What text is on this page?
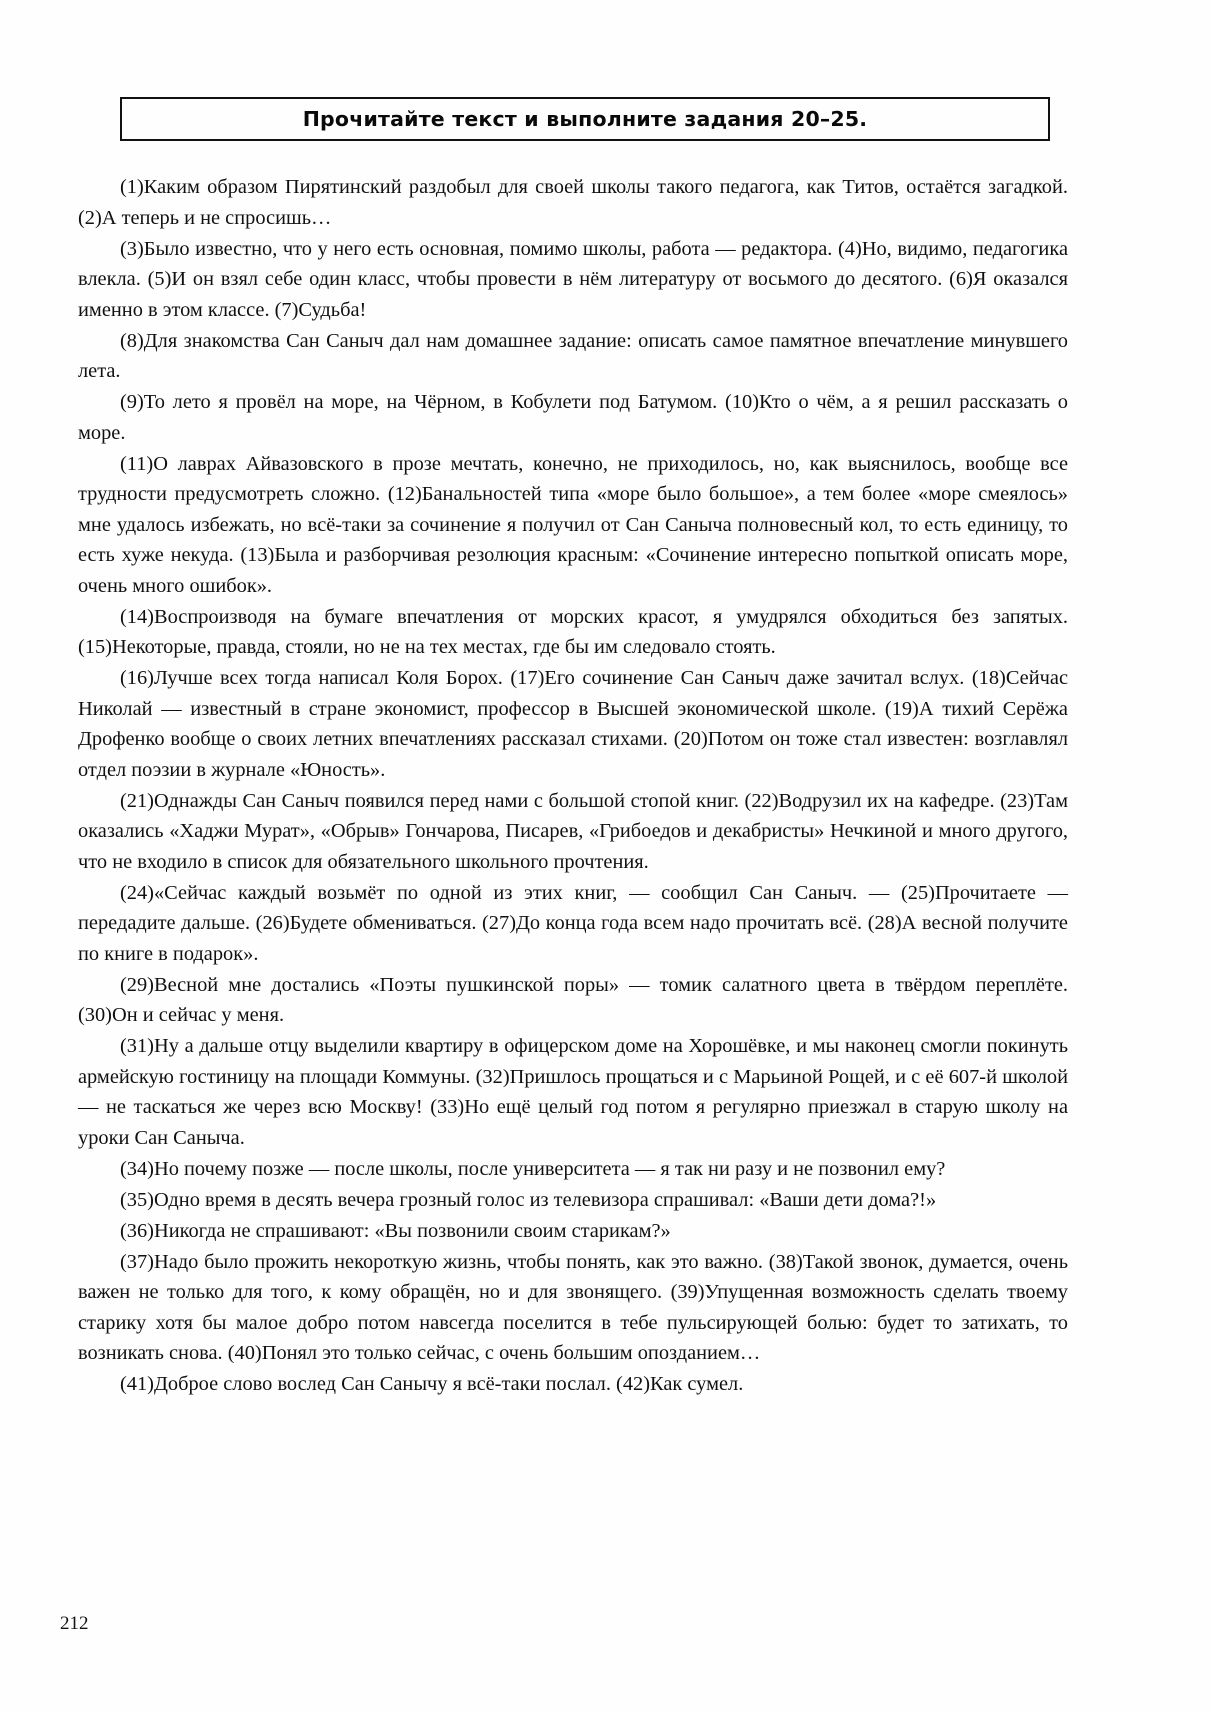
Прочитайте текст и выполните задания 20–25.

(1)Каким образом Пирятинский раздобыл для своей школы такого педагога, как Титов, остаётся загадкой. (2)А теперь и не спросишь…

(3)Было известно, что у него есть основная, помимо школы, работа — редактора. (4)Но, видимо, педагогика влекла. (5)И он взял себе один класс, чтобы провести в нём литературу от восьмого до десятого. (6)Я оказался именно в этом классе. (7)Судьба!

(8)Для знакомства Сан Саныч дал нам домашнее задание: описать самое памятное впечатление минувшего лета.

(9)То лето я провёл на море, на Чёрном, в Кобулети под Батумом. (10)Кто о чём, а я решил рассказать о море.

(11)О лаврах Айвазовского в прозе мечтать, конечно, не приходилось, но, как выяснилось, вообще все трудности предусмотреть сложно. (12)Банальностей типа «море было большое», а тем более «море смеялось» мне удалось избежать, но всё-таки за сочинение я получил от Сан Саныча полновесный кол, то есть единицу, то есть хуже некуда. (13)Была и разборчивая резолюция красным: «Сочинение интересно попыткой описать море, очень много ошибок».

(14)Воспроизводя на бумаге впечатления от морских красот, я умудрялся обходиться без запятых. (15)Некоторые, правда, стояли, но не на тех местах, где бы им следовало стоять.

(16)Лучше всех тогда написал Коля Борох. (17)Его сочинение Сан Саныч даже зачитал вслух. (18)Сейчас Николай — известный в стране экономист, профессор в Высшей экономической школе. (19)А тихий Серёжа Дрофенко вообще о своих летних впечатлениях рассказал стихами. (20)Потом он тоже стал известен: возглавлял отдел поэзии в журнале «Юность».

(21)Однажды Сан Саныч появился перед нами с большой стопой книг. (22)Водрузил их на кафедре. (23)Там оказались «Хаджи Мурат», «Обрыв» Гончарова, Писарев, «Грибоедов и декабристы» Нечкиной и много другого, что не входило в список для обязательного школьного прочтения.

(24)«Сейчас каждый возьмёт по одной из этих книг, — сообщил Сан Саныч. — (25)Прочитаете — передадите дальше. (26)Будете обмениваться. (27)До конца года всем надо прочитать всё. (28)А весной получите по книге в подарок».

(29)Весной мне достались «Поэты пушкинской поры» — томик салатного цвета в твёрдом переплёте. (30)Он и сейчас у меня.

(31)Ну а дальше отцу выделили квартиру в офицерском доме на Хорошёвке, и мы наконец смогли покинуть армейскую гостиницу на площади Коммуны. (32)Пришлось прощаться и с Марьиной Рощей, и с её 607-й школой — не таскаться же через всю Москву! (33)Но ещё целый год потом я регулярно приезжал в старую школу на уроки Сан Саныча.

(34)Но почему позже — после школы, после университета — я так ни разу и не позвонил ему?

(35)Одно время в десять вечера грозный голос из телевизора спрашивал: «Ваши дети дома?!»

(36)Никогда не спрашивают: «Вы позвонили своим старикам?»

(37)Надо было прожить некороткую жизнь, чтобы понять, как это важно. (38)Такой звонок, думается, очень важен не только для того, к кому обращён, но и для звонящего. (39)Упущенная возможность сделать твоему старику хотя бы малое добро потом навсегда поселится в тебе пульсирующей болью: будет то затихать, то возникать снова. (40)Понял это только сейчас, с очень большим опозданием…

(41)Доброе слово вослед Сан Санычу я всё-таки послал. (42)Как сумел.

212
